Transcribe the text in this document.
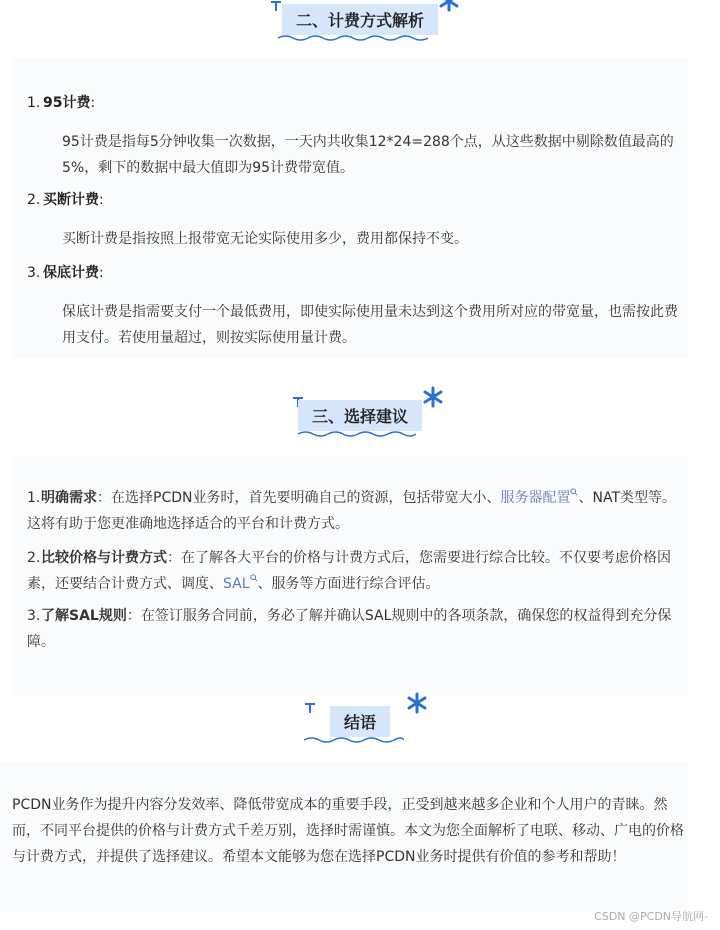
二、计费方式解析
1. 95计费:
95计费是指每5分钟收集一次数据，一天内共收集12*24=288个点，从这些数据中剔除数值最高的5%，剩下的数据中最大值即为95计费带宽值。
2. 买断计费:
买断计费是指按照上报带宽无论实际使用多少，费用都保持不变。
3. 保底计费:
保底计费是指需要支付一个最低费用，即使实际使用量未达到这个费用所对应的带宽量，也需按此费用支付。若使用量超过，则按实际使用量计费。
三、选择建议
1.明确需求：在选择PCDN业务时，首先要明确自己的资源，包括带宽大小、服务器配置 、NAT类型等。这将有助于您更准确地选择适合的平台和计费方式。
2.比较价格与计费方式：在了解各大平台的价格与计费方式后，您需要进行综合比较。不仅要考虑价格因素，还要结合计费方式、调度、SAL 、服务等方面进行综合评估。
3.了解SAL规则：在签订服务合同前，务必了解并确认SAL规则中的各项条款，确保您的权益得到充分保障。
结语
PCDN业务作为提升内容分发效率、降低带宽成本的重要手段，正受到越来越多企业和个人用户的青睐。然而，不同平台提供的价格与计费方式千差万别，选择时需谨慎。本文为您全面解析了电联、移动、广电的价格与计费方式，并提供了选择建议。希望本文能够为您在选择PCDN业务时提供有价值的参考和帮助！
CSDN @PCDN导航网-
